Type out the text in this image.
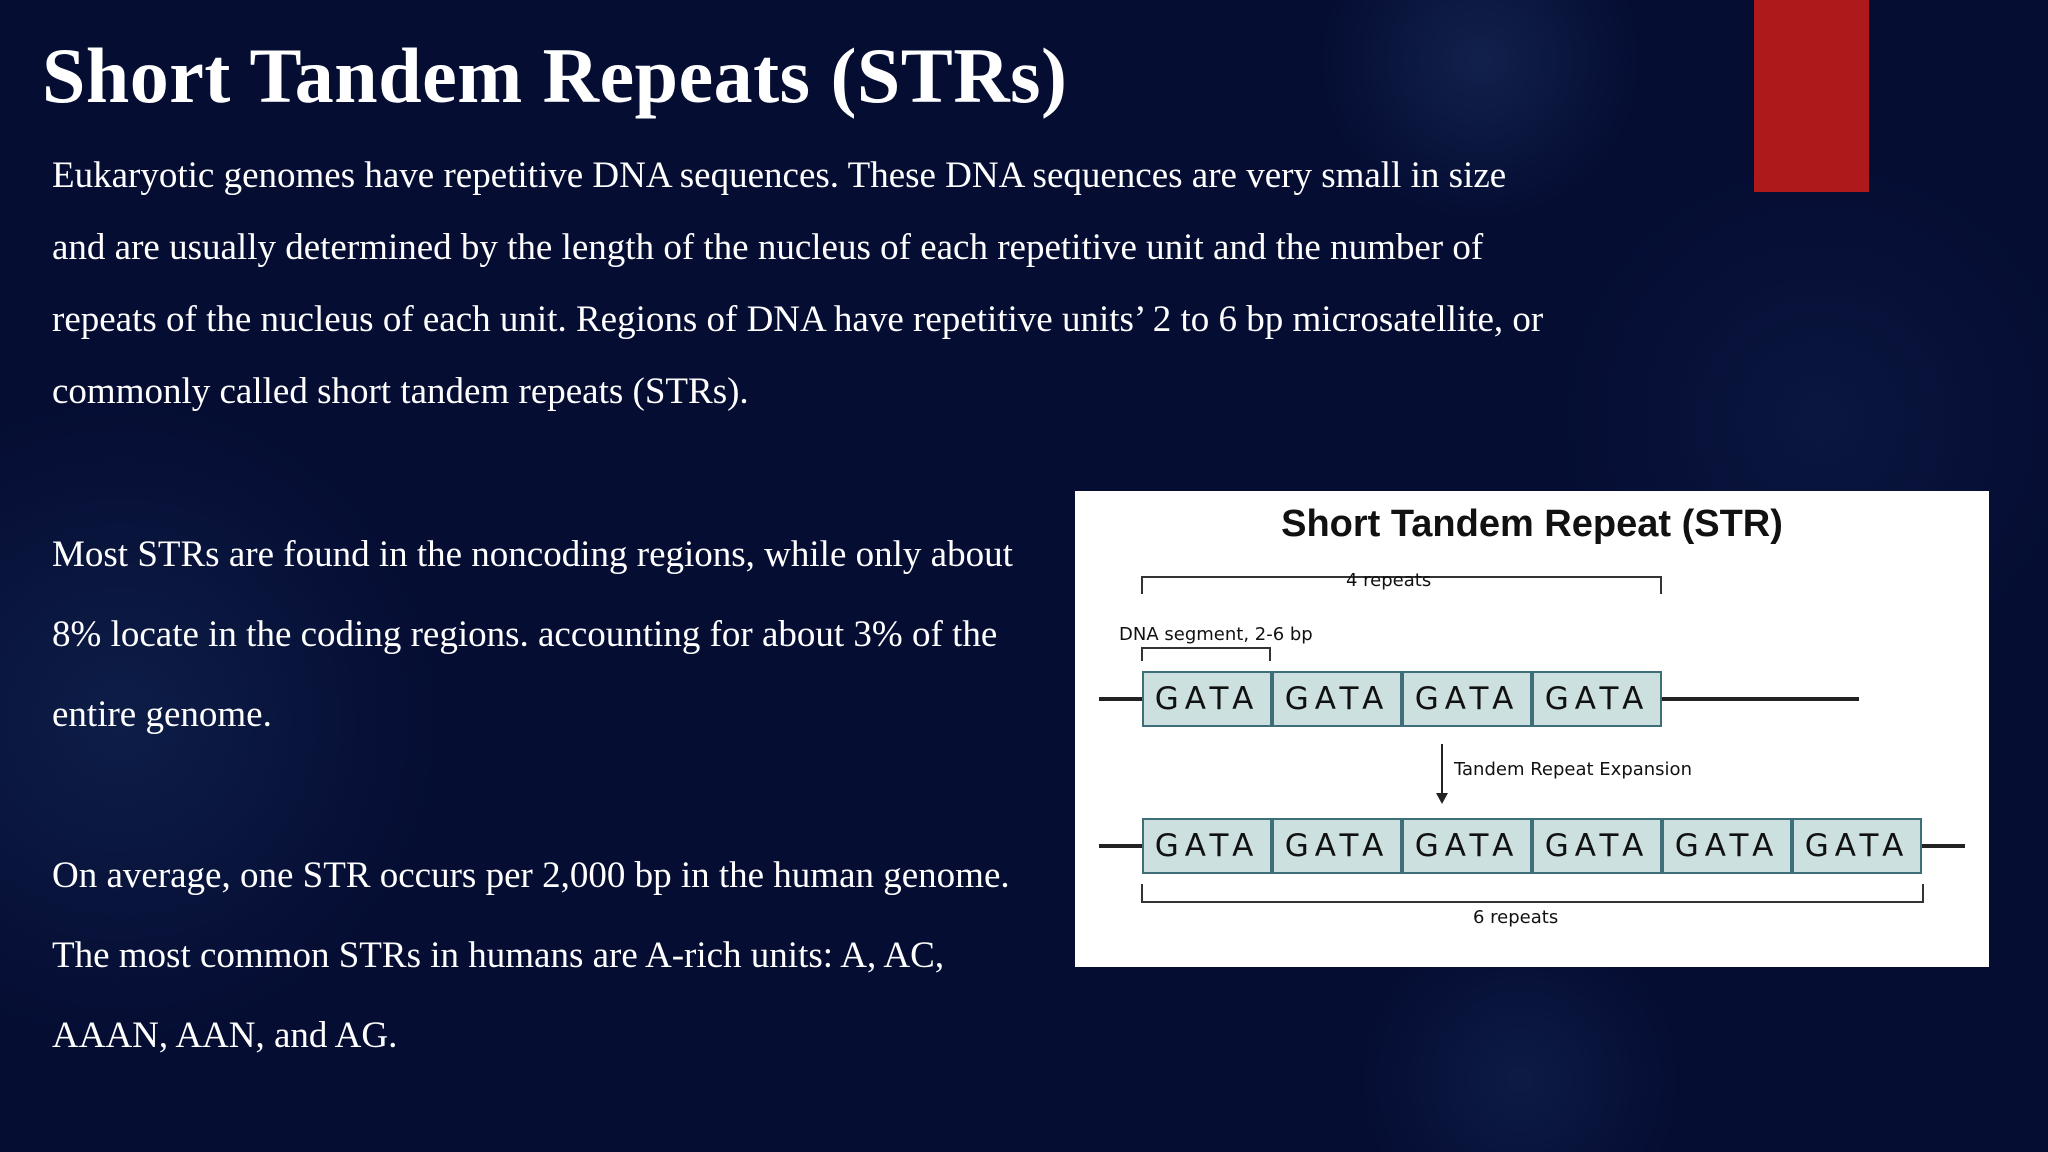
Short Tandem Repeats (STRs)

Eukaryotic genomes have repetitive DNA sequences. These DNA sequences are very small in size and are usually determined by the length of the nucleus of each repetitive unit and the number of repeats of the nucleus of each unit. Regions of DNA have repetitive units’ 2 to 6 bp microsatellite, or commonly called short tandem repeats (STRs).

Most STRs are found in the noncoding regions, while only about 8% locate in the coding regions. accounting for about 3% of the entire genome.

On average, one STR occurs per 2,000 bp in the human genome. The most common STRs in humans are A-rich units: A, AC, AAAN, AAN, and AG.

Short Tandem Repeat (STR)
4 repeats
DNA segment, 2-6 bp
Tandem Repeat Expansion
6 repeats
GATA GATA GATA GATA
GATA GATA GATA GATA GATA GATA
